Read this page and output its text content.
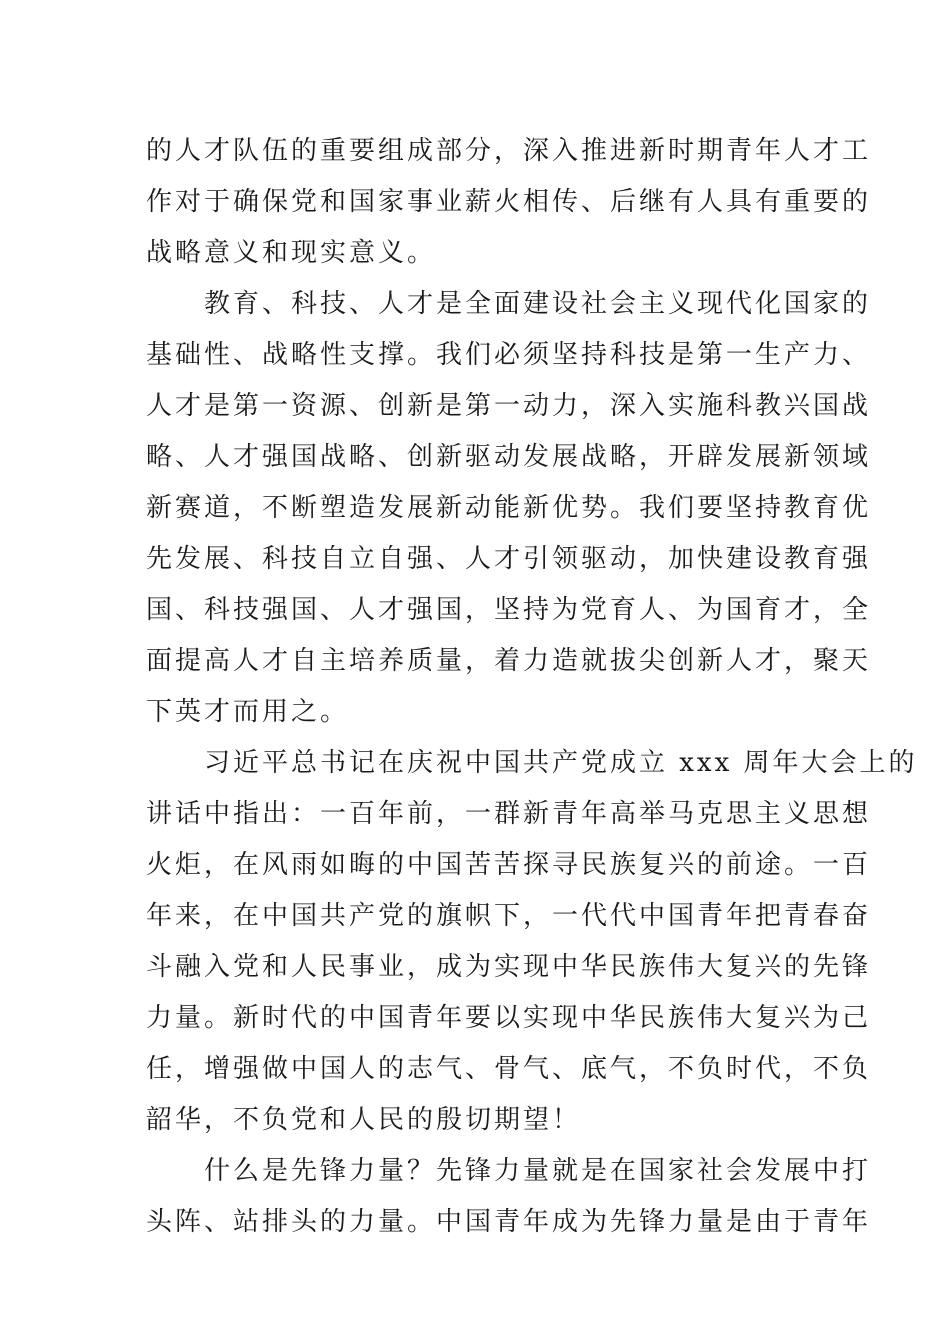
的人才队伍的重要组成部分，深入推进新时期青年人才工
作对于确保党和国家事业薪火相传、后继有人具有重要的
战略意义和现实意义。
教育、科技、人才是全面建设社会主义现代化国家的
基础性、战略性支撑。我们必须坚持科技是第一生产力、
人才是第一资源、创新是第一动力，深入实施科教兴国战
略、人才强国战略、创新驱动发展战略，开辟发展新领域
新赛道，不断塑造发展新动能新优势。我们要坚持教育优
先发展、科技自立自强、人才引领驱动，加快建设教育强
国、科技强国、人才强国，坚持为党育人、为国育才，全
面提高人才自主培养质量，着力造就拔尖创新人才，聚天
下英才而用之。
习近平总书记在庆祝中国共产党成立 xxx 周年大会上的
讲话中指出：一百年前，一群新青年高举马克思主义思想
火炬，在风雨如晦的中国苦苦探寻民族复兴的前途。一百
年来，在中国共产党的旗帜下，一代代中国青年把青春奋
斗融入党和人民事业，成为实现中华民族伟大复兴的先锋
力量。新时代的中国青年要以实现中华民族伟大复兴为己
任，增强做中国人的志气、骨气、底气，不负时代，不负
韶华，不负党和人民的殷切期望！
什么是先锋力量？先锋力量就是在国家社会发展中打
头阵、站排头的力量。中国青年成为先锋力量是由于青年
